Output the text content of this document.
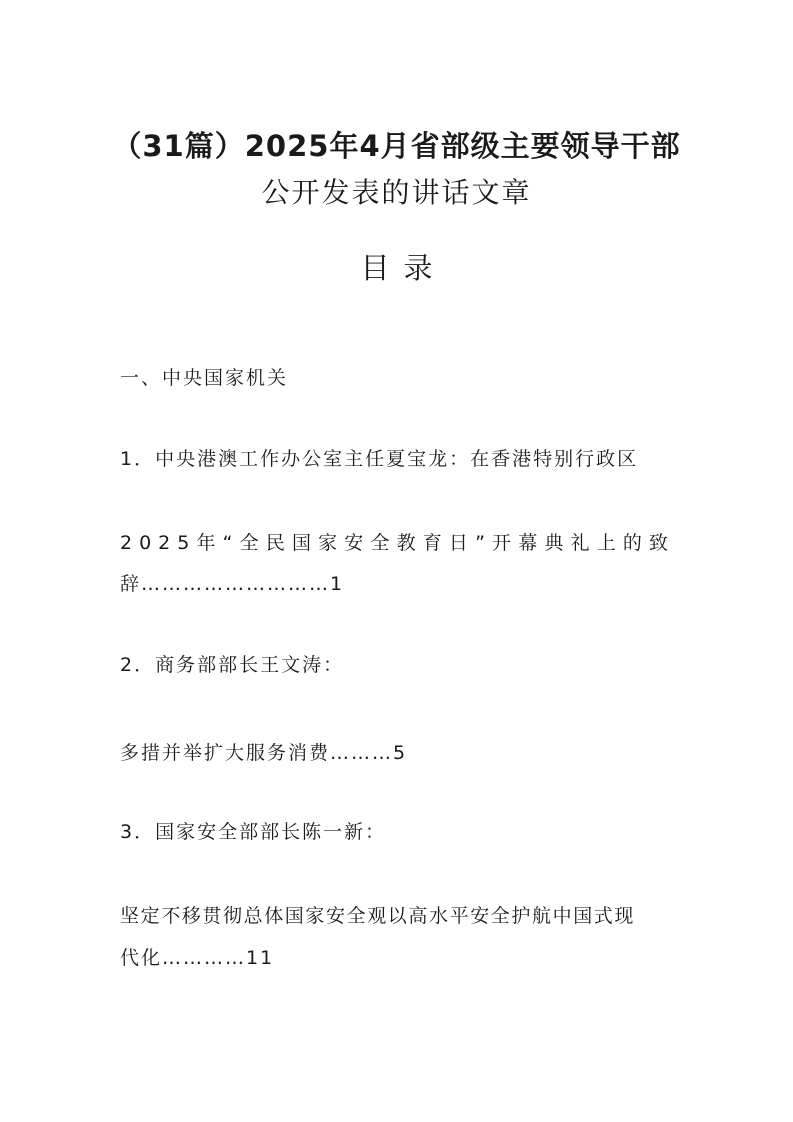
（31篇）2025年4月省部级主要领导干部
公开发表的讲话文章
目录
一、中央国家机关
1．中央港澳工作办公室主任夏宝龙：在香港特别行政区
2025年“全民国家安全教育日”开幕典礼上的致
辞………………………1
2．商务部部长王文涛：
多措并举扩大服务消费………5
3．国家安全部部长陈一新：
坚定不移贯彻总体国家安全观以高水平安全护航中国式现
代化…………11
